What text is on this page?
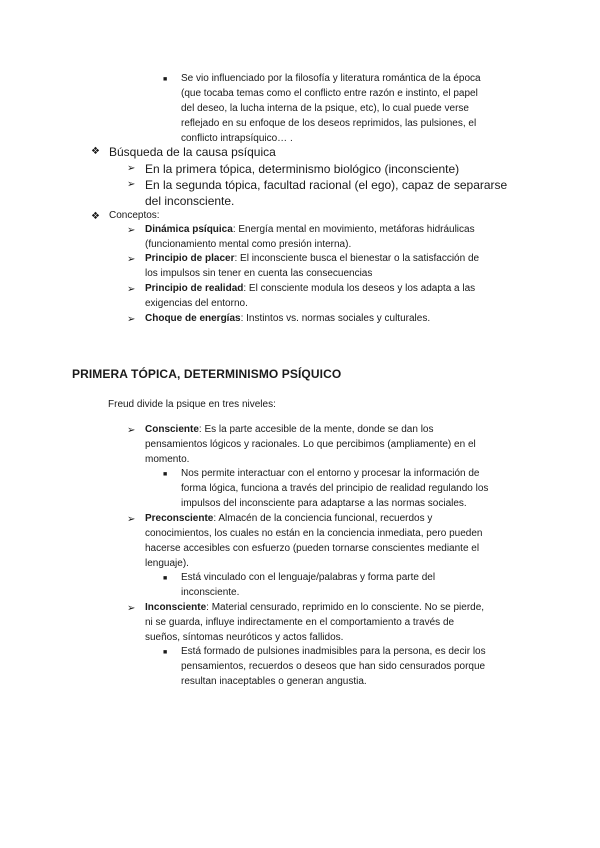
■ Se vio influenciado por la filosofía y literatura romántica de la época
(que tocaba temas como el conflicto entre razón e instinto, el papel
del deseo, la lucha interna de la psique, etc), lo cual puede verse
reflejado en su enfoque de los deseos reprimidos, las pulsiones, el
conflicto intrapsíquico… .
❖ Búsqueda de la causa psíquica
➢ En la primera tópica, determinismo biológico (inconsciente)
➢ En la segunda tópica, facultad racional (el ego), capaz de separarse
del inconsciente.
❖ Conceptos:
➢ Dinámica psíquica: Energía mental en movimiento, metáforas hidráulicas
(funcionamiento mental como presión interna).
➢ Principio de placer: El inconsciente busca el bienestar o la satisfacción de
los impulsos sin tener en cuenta las consecuencias
➢ Principio de realidad: El consciente modula los deseos y los adapta a las
exigencias del entorno.
➢ Choque de energías: Instintos vs. normas sociales y culturales.
PRIMERA TÓPICA, DETERMINISMO PSÍQUICO
Freud divide la psique en tres niveles:
➢ Consciente: Es la parte accesible de la mente, donde se dan los
pensamientos lógicos y racionales. Lo que percibimos (ampliamente) en el
momento.
■ Nos permite interactuar con el entorno y procesar la información de
forma lógica, funciona a través del principio de realidad regulando los
impulsos del inconsciente para adaptarse a las normas sociales.
➢ Preconsciente: Almacén de la conciencia funcional, recuerdos y
conocimientos, los cuales no están en la conciencia inmediata, pero pueden
hacerse accesibles con esfuerzo (pueden tornarse conscientes mediante el
lenguaje).
■ Está vinculado con el lenguaje/palabras y forma parte del
inconsciente.
➢ Inconsciente: Material censurado, reprimido en lo consciente. No se pierde,
ni se guarda, influye indirectamente en el comportamiento a través de
sueños, síntomas neuróticos y actos fallidos.
■ Está formado de pulsiones inadmisibles para la persona, es decir los
pensamientos, recuerdos o deseos que han sido censurados porque
resultan inaceptables o generan angustia.
